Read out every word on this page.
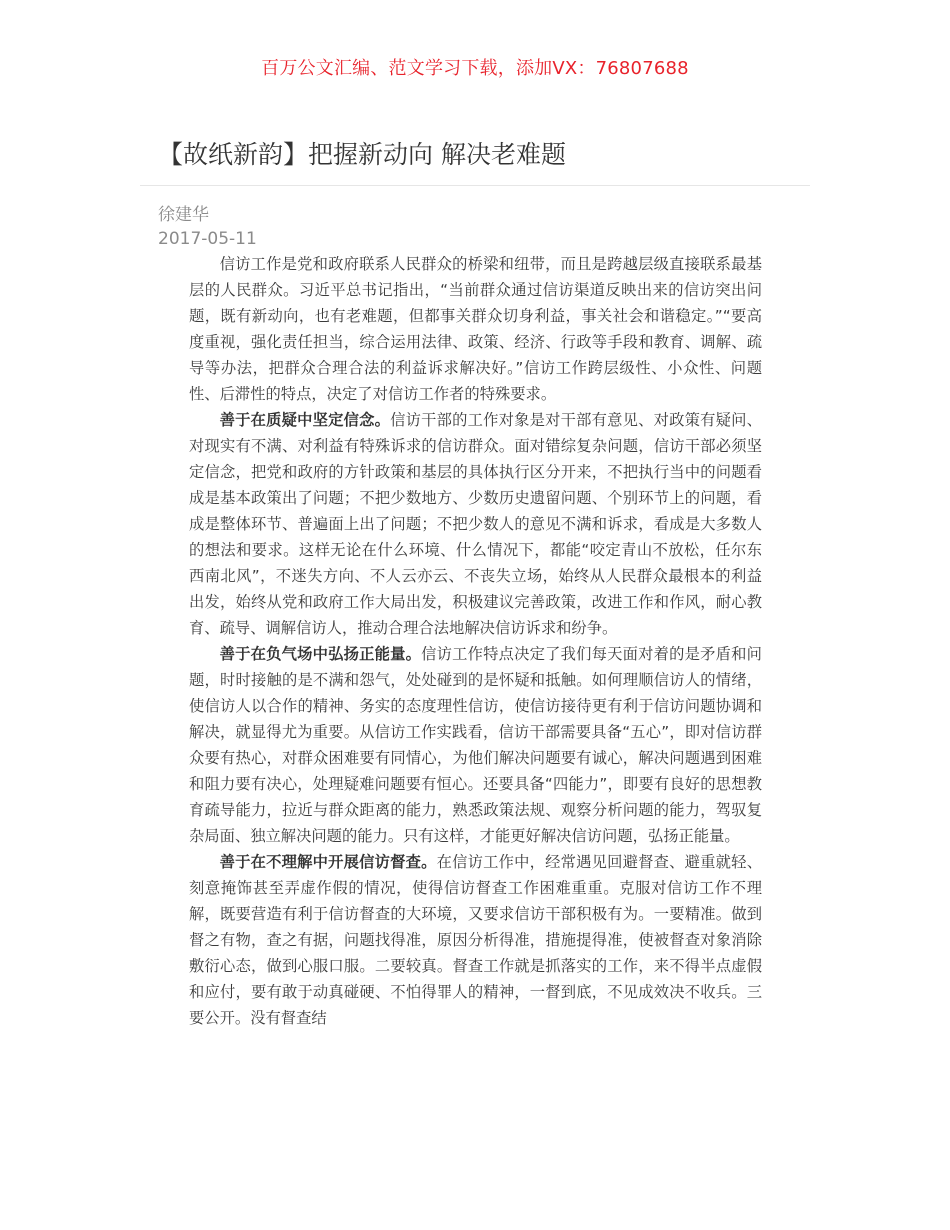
百万公文汇编、范文学习下载，添加VX：76807688
【故纸新韵】把握新动向 解决老难题
徐建华
2017-05-11

信访工作是党和政府联系人民群众的桥梁和纽带，而且是跨越层级直接联系最基层的人民群众。习近平总书记指出，“当前群众通过信访渠道反映出来的信访突出问题，既有新动向，也有老难题，但都事关群众切身利益，事关社会和谐稳定。”“要高度重视，强化责任担当，综合运用法律、政策、经济、行政等手段和教育、调解、疏导等办法，把群众合理合法的利益诉求解决好。”信访工作跨层级性、小众性、问题性、后滞性的特点，决定了对信访工作者的特殊要求。

善于在质疑中坚定信念。信访干部的工作对象是对干部有意见、对政策有疑问、对现实有不满、对利益有特殊诉求的信访群众。面对错综复杂问题，信访干部必须坚定信念，把党和政府的方针政策和基层的具体执行区分开来，不把执行当中的问题看成是基本政策出了问题；不把少数地方、少数历史遗留问题、个别环节上的问题，看成是整体环节、普遍面上出了问题；不把少数人的意见不满和诉求，看成是大多数人的想法和要求。这样无论在什么环境、什么情况下，都能“咬定青山不放松，任尔东西南北风”，不迷失方向、不人云亦云、不丧失立场，始终从人民群众最根本的利益出发，始终从党和政府工作大局出发，积极建议完善政策，改进工作和作风，耐心教育、疏导、调解信访人，推动合理合法地解决信访诉求和纷争。

善于在负气场中弘扬正能量。信访工作特点决定了我们每天面对着的是矛盾和问题，时时接触的是不满和怨气，处处碰到的是怀疑和抵触。如何理顺信访人的情绪，使信访人以合作的精神、务实的态度理性信访，使信访接待更有利于信访问题协调和解决，就显得尤为重要。从信访工作实践看，信访干部需要具备“五心”，即对信访群众要有热心，对群众困难要有同情心，为他们解决问题要有诚心，解决问题遇到困难和阻力要有决心，处理疑难问题要有恒心。还要具备“四能力”，即要有良好的思想教育疏导能力，拉近与群众距离的能力，熟悉政策法规、观察分析问题的能力，驾驭复杂局面、独立解决问题的能力。只有这样，才能更好解决信访问题，弘扬正能量。

善于在不理解中开展信访督查。在信访工作中，经常遇见回避督查、避重就轻、刻意掩饰甚至弄虚作假的情况，使得信访督查工作困难重重。克服对信访工作不理解，既要营造有利于信访督查的大环境，又要求信访干部积极有为。一要精准。做到督之有物，查之有据，问题找得准，原因分析得准，措施提得准，使被督查对象消除敷衍心态，做到心服口服。二要较真。督查工作就是抓落实的工作，来不得半点虚假和应付，要有敢于动真碰硬、不怕得罪人的精神，一督到底，不见成效决不收兵。三要公开。没有督查结
